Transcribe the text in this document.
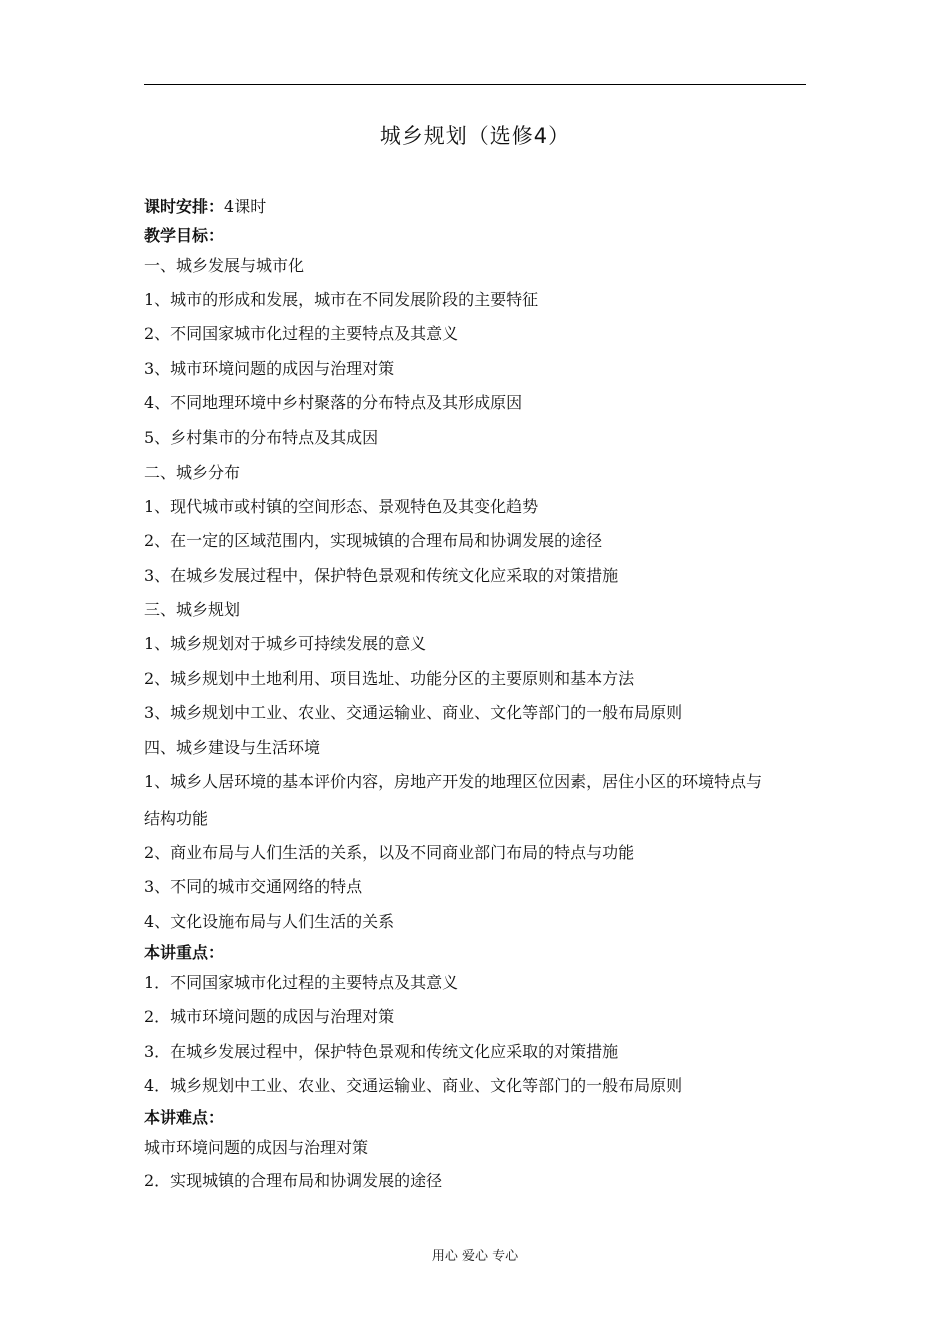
城乡规划（选修4）
课时安排：4课时
教学目标：
一、城乡发展与城市化
1、城市的形成和发展，城市在不同发展阶段的主要特征
2、不同国家城市化过程的主要特点及其意义
3、城市环境问题的成因与治理对策
4、不同地理环境中乡村聚落的分布特点及其形成原因
5、乡村集市的分布特点及其成因
二、城乡分布
1、现代城市或村镇的空间形态、景观特色及其变化趋势
2、在一定的区域范围内，实现城镇的合理布局和协调发展的途径
3、在城乡发展过程中，保护特色景观和传统文化应采取的对策措施
三、城乡规划
1、城乡规划对于城乡可持续发展的意义
2、城乡规划中土地利用、项目选址、功能分区的主要原则和基本方法
3、城乡规划中工业、农业、交通运输业、商业、文化等部门的一般布局原则
四、城乡建设与生活环境
1、城乡人居环境的基本评价内容，房地产开发的地理区位因素，居住小区的环境特点与
结构功能
2、商业布局与人们生活的关系，以及不同商业部门布局的特点与功能
3、不同的城市交通网络的特点
4、文化设施布局与人们生活的关系
本讲重点：
1．不同国家城市化过程的主要特点及其意义
2．城市环境问题的成因与治理对策
3．在城乡发展过程中，保护特色景观和传统文化应采取的对策措施
4．城乡规划中工业、农业、交通运输业、商业、文化等部门的一般布局原则
本讲难点：
城市环境问题的成因与治理对策
2．实现城镇的合理布局和协调发展的途径
用心 爱心 专心
